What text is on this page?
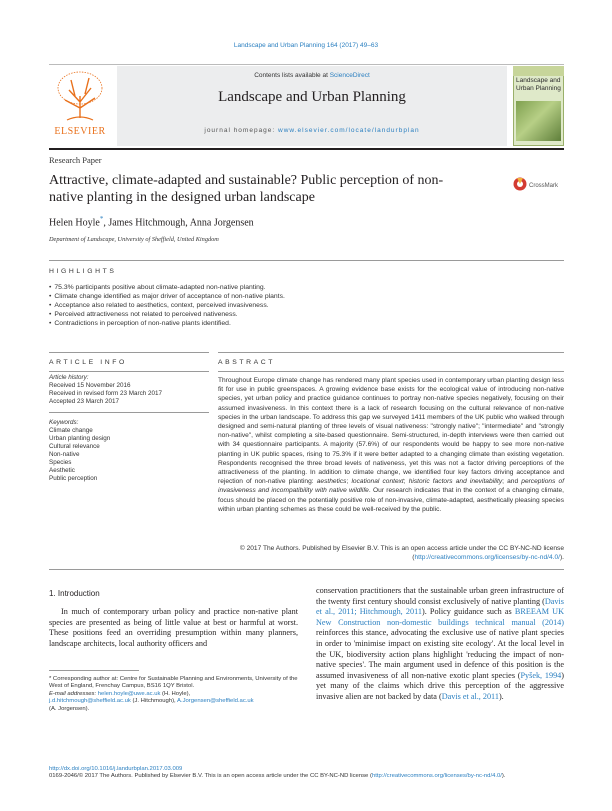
Landscape and Urban Planning 164 (2017) 49–63
ELSEVIER
Contents lists available at ScienceDirect
Landscape and Urban Planning
journal homepage: www.elsevier.com/locate/landurbplan
Landscape and Urban Planning
Research Paper
Attractive, climate-adapted and sustainable? Public perception of non-native planting in the designed urban landscape
CrossMark
Helen Hoyle*, James Hitchmough, Anna Jorgensen
Department of Landscape, University of Sheffield, United Kingdom
HIGHLIGHTS
• 75.3% participants positive about climate-adapted non-native planting.
• Climate change identified as major driver of acceptance of non-native plants.
• Acceptance also related to aesthetics, context, perceived invasiveness.
• Perceived attractiveness not related to perceived nativeness.
• Contradictions in perception of non-native plants identified.
ARTICLE INFO	ABSTRACT
Article history:
Received 15 November 2016
Received in revised form 23 March 2017
Accepted 23 March 2017
Keywords:
Climate change
Urban planting design
Cultural relevance
Non-native
Species
Aesthetic
Public perception
Throughout Europe climate change has rendered many plant species used in contemporary urban planting design less fit for use in public greenspaces. A growing evidence base exists for the ecological value of introducing non-native species, yet urban policy and practice guidance continues to portray non-native species negatively, focusing on their assumed invasiveness. In this context there is a lack of research focusing on the cultural relevance of non-native species in the urban landscape. To address this gap we surveyed 1411 members of the UK public who walked through designed and semi-natural planting of three levels of visual nativeness: "strongly native"; "intermediate" and "strongly non-native", whilst completing a site-based questionnaire. Semi-structured, in-depth interviews were then carried out with 34 questionnaire participants. A majority (57.6%) of our respondents would be happy to see more non-native planting in UK public spaces, rising to 75.3% if it were better adapted to a changing climate than existing vegetation. Respondents recognised the three broad levels of nativeness, yet this was not a factor driving perceptions of the attractiveness of the planting. In addition to climate change, we identified four key factors driving acceptance and rejection of non-native planting: aesthetics; locational context; historic factors and inevitability; and perceptions of invasiveness and incompatibility with native wildlife. Our research indicates that in the context of a changing climate, focus should be placed on the potentially positive role of non-invasive, climate-adapted, aesthetically pleasing species within urban planting schemes as these could be well-received by the public.
© 2017 The Authors. Published by Elsevier B.V. This is an open access article under the CC BY-NC-ND license (http://creativecommons.org/licenses/by-nc-nd/4.0/).
1. Introduction
In much of contemporary urban policy and practice non-native plant species are presented as being of little value at best or harmful at worst. These positions feed an overriding presumption within many planners, landscape architects, local authority officers and
conservation practitioners that the sustainable urban green infrastructure of the twenty first century should consist exclusively of native planting (Davis et al., 2011; Hitchmough, 2011). Policy guidance such as BREEAM UK New Construction non-domestic buildings technical manual (2014) reinforces this stance, advocating the exclusive use of native plant species in order to 'minimise impact on existing site ecology'. At the local level in the UK, biodiversity action plans highlight 'reducing the impact of non-native species'. The main argument used in defence of this position is the assumed invasiveness of all non-native exotic plant species (Pyšek, 1994) yet many of the claims which drive this perception of the aggressive invasive alien are not backed by data (Davis et al., 2011).
* Corresponding author at: Centre for Sustainable Planning and Environments, University of the West of England, Frenchay Campus, BS16 1QY Bristol.
E-mail addresses: helen.hoyle@uwe.ac.uk (H. Hoyle),
j.d.hitchmough@sheffield.ac.uk (J. Hitchmough), A.Jorgensen@sheffield.ac.uk
(A. Jorgensen).
http://dx.doi.org/10.1016/j.landurbplan.2017.03.009
0169-2046/© 2017 The Authors. Published by Elsevier B.V. This is an open access article under the CC BY-NC-ND license (http://creativecommons.org/licenses/by-nc-nd/4.0/).
